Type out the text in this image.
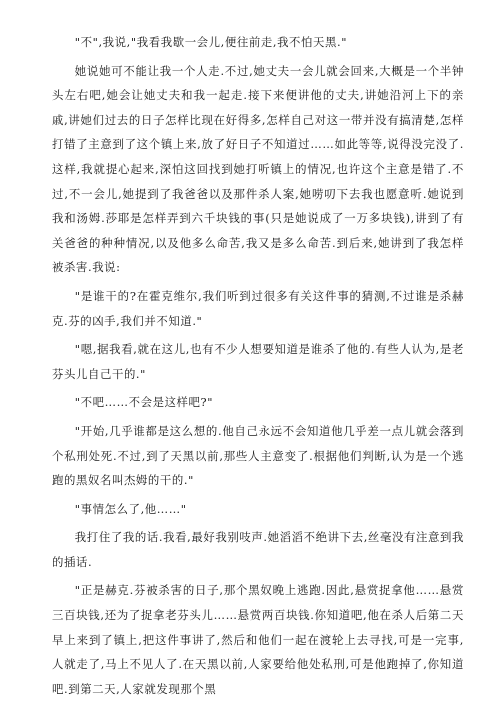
"不",我说,"我看我歇一会儿,便往前走,我不怕天黑."

她说她可不能让我一个人走.不过,她丈夫一会儿就会回来,大概是一个半钟头左右吧,她会让她丈夫和我一起走.接下来便讲他的丈夫,讲她沿河上下的亲戚,讲她们过去的日子怎样比现在好得多,怎样自己对这一带并没有搞清楚,怎样打错了主意到了这个镇上来,放了好日子不知道过……如此等等,说得没完没了.这样,我就提心起来,深怕这回找到她打听镇上的情况,也许这个主意是错了.不过,不一会儿,她提到了我爸爸以及那件杀人案,她唠叨下去我也愿意听.她说到我和汤姆.莎耶是怎样弄到六千块钱的事(只是她说成了一万多块钱),讲到了有关爸爸的种种情况,以及他多么命苦,我又是多么命苦.到后来,她讲到了我怎样被杀害.我说:

"是谁干的?在霍克维尔,我们听到过很多有关这件事的猜测,不过谁是杀赫克.芬的凶手,我们并不知道."

"嗯,据我看,就在这儿,也有不少人想要知道是谁杀了他的.有些人认为,是老芬头儿自己干的."

"不吧……不会是这样吧?"

"开始,几乎谁都是这么想的.他自己永远不会知道他几乎差一点儿就会落到个私刑处死.不过,到了天黑以前,那些人主意变了.根据他们判断,认为是一个逃跑的黑奴名叫杰姆的干的."

"事情怎么了,他……"

我打住了我的话.我看,最好我别吱声.她滔滔不绝讲下去,丝毫没有注意到我的插话.

"正是赫克.芬被杀害的日子,那个黑奴晚上逃跑.因此,悬赏捉拿他……悬赏三百块钱,还为了捉拿老芬头儿……悬赏两百块钱.你知道吧,他在杀人后第二天早上来到了镇上,把这件事讲了,然后和他们一起在渡轮上去寻找,可是一完事,人就走了,马上不见人了.在天黑以前,人家要给他处私刑,可是他跑掉了,你知道吧.到第二天,人家就发现那个黑
